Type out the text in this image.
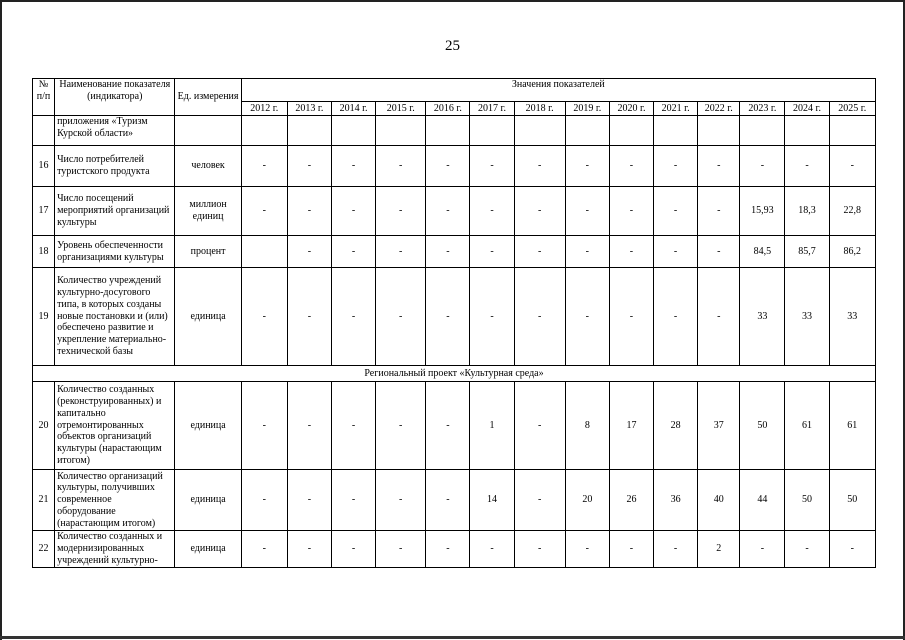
25
№ п/п	Наименование показателя (индикатора)	Ед. измерения	Значения показателей													
			2012 г.	2013 г.	2014 г.	2015 г.	2016 г.	2017 г.	2018 г.	2019 г.	2020 г.	2021 г.	2022 г.	2023 г.	2024 г.	2025 г.
	приложения «Туризм Курской области»															
16	Число потребителей туристского продукта	человек	-	-	-	-	-	-	-	-	-	-	-	-	-	-
17	Число посещений мероприятий организаций культуры	миллион единиц	-	-	-	-	-	-	-	-	-	-	-	15,93	18,3	22,8
18	Уровень обеспеченности организациями культуры	процент		-	-	-	-	-	-	-	-	-	-	84,5	85,7	86,2
19	Количество учреждений культурно-досугового типа, в которых созданы новые постановки и (или) обеспечено развитие и укрепление материально-технической базы	единица	-	-	-	-	-	-	-	-	-	-	-	33	33	33
Региональный проект «Культурная среда»																
20	Количество созданных (реконструированных) и капитально отремонтированных объектов организаций культуры (нарастающим итогом)	единица	-	-	-	-	-	1	-	8	17	28	37	50	61	61
21	Количество организаций культуры, получивших современное оборудование (нарастающим итогом)	единица	-	-	-	-	-	14	-	20	26	36	40	44	50	50
22	Количество созданных и модернизированных учреждений культурно-	единица	-	-	-	-	-	-	-	-	-	-	2	-	-	-
